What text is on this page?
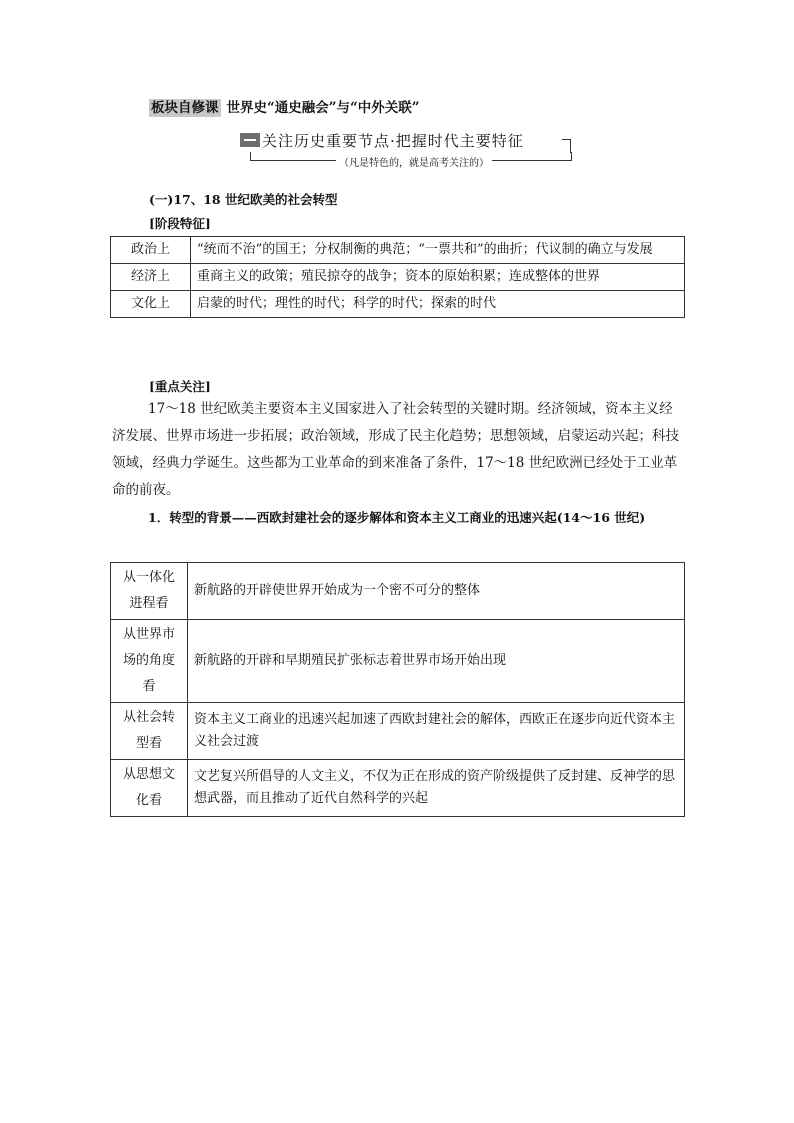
板块自修课 世界史“通史融会”与“中外关联”
关注历史重要节点·把握时代主要特征
（凡是特色的，就是高考关注的）
(一)17、18 世纪欧美的社会转型
[阶段特征]
政治上	“统而不治”的国王；分权制衡的典范；“一票共和”的曲折；代议制的确立与发展
经济上	重商主义的政策；殖民掠夺的战争；资本的原始积累；连成整体的世界
文化上	启蒙的时代；理性的时代；科学的时代；探索的时代
[重点关注]
17～18 世纪欧美主要资本主义国家进入了社会转型的关键时期。经济领域，资本主义经济发展、世界市场进一步拓展；政治领域，形成了民主化趋势；思想领域，启蒙运动兴起；科技领域，经典力学诞生。这些都为工业革命的到来准备了条件，17～18 世纪欧洲已经处于工业革命的前夜。
1．转型的背景——西欧封建社会的逐步解体和资本主义工商业的迅速兴起(14～16 世纪)
从一体化进程看	新航路的开辟使世界开始成为一个密不可分的整体
从世界市场的角度看	新航路的开辟和早期殖民扩张标志着世界市场开始出现
从社会转型看	资本主义工商业的迅速兴起加速了西欧封建社会的解体，西欧正在逐步向近代资本主义社会过渡
从思想文化看	文艺复兴所倡导的人文主义，不仅为正在形成的资产阶级提供了反封建、反神学的思想武器，而且推动了近代自然科学的兴起
